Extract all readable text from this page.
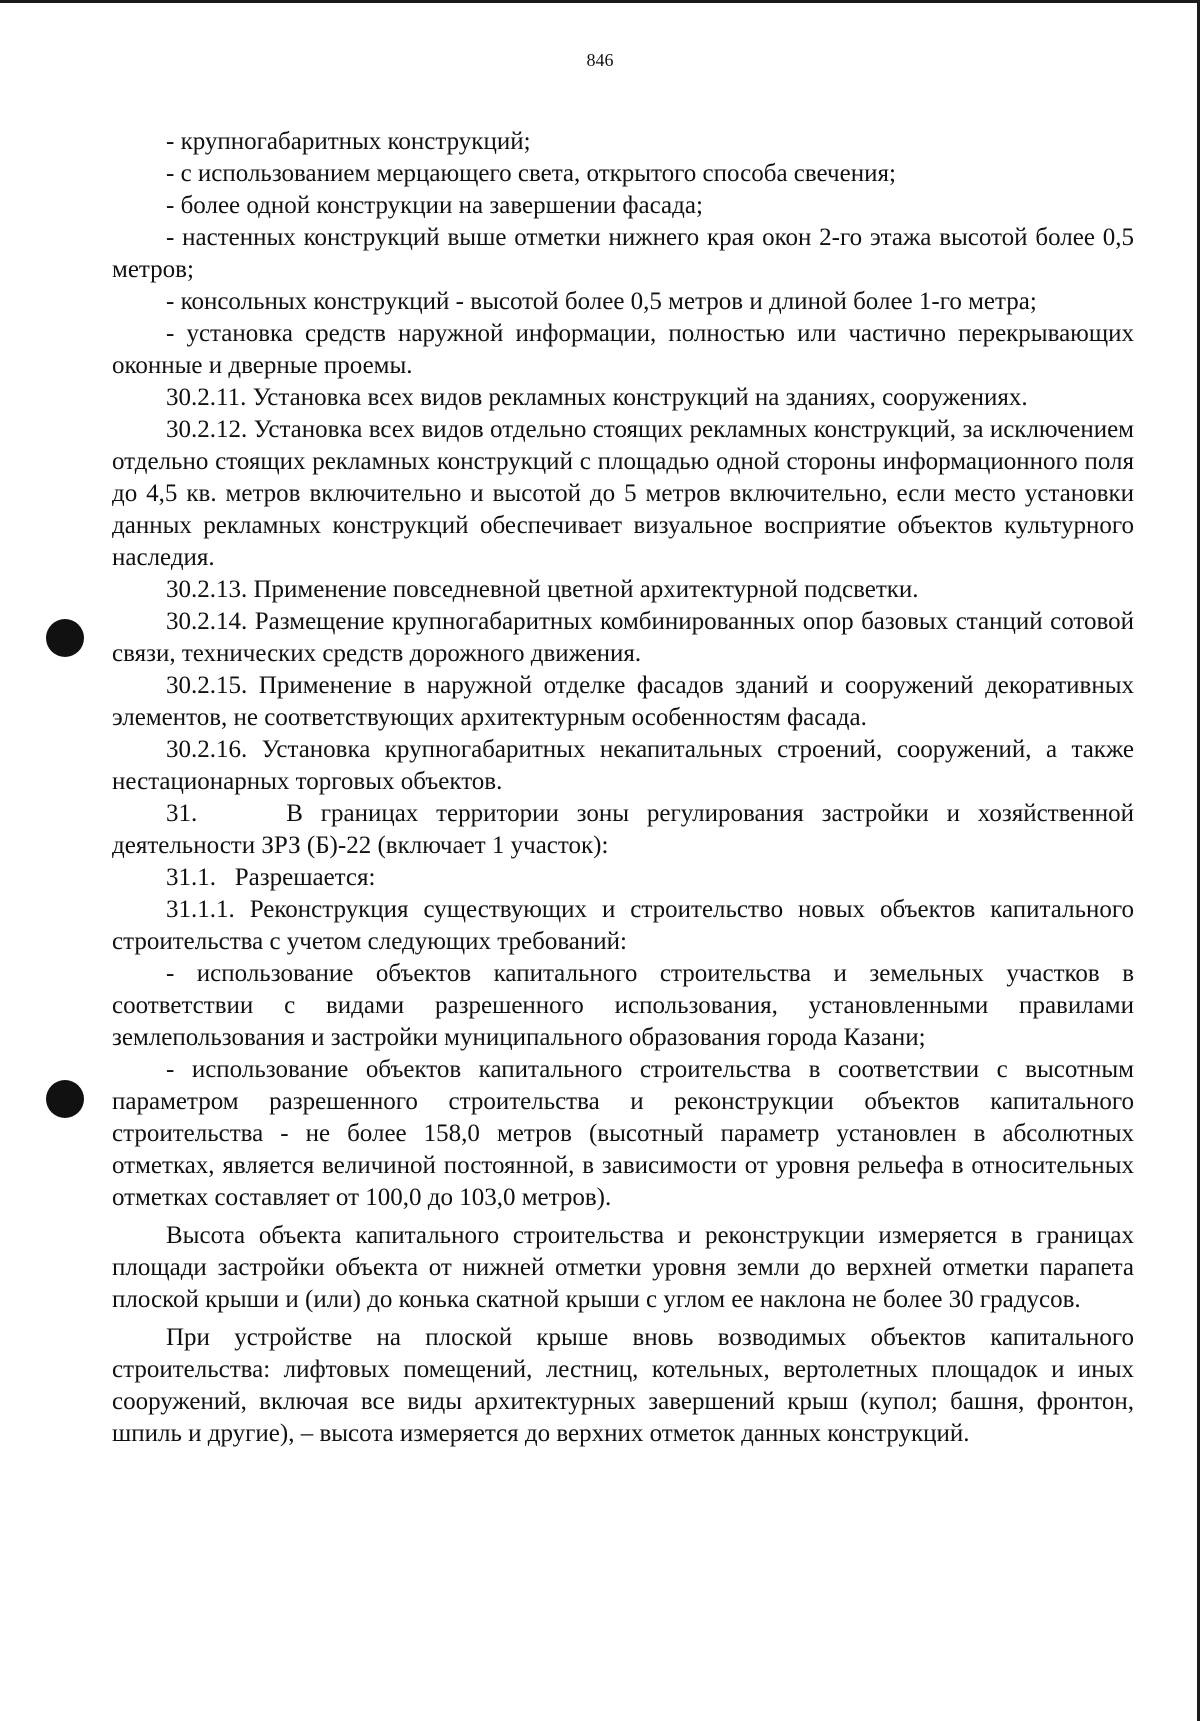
846

- крупногабаритных конструкций;

- с использованием мерцающего света, открытого способа свечения;

- более одной конструкции на завершении фасада;

- настенных конструкций выше отметки нижнего края окон 2-го этажа высотой более 0,5 метров;

- консольных конструкций - высотой более 0,5 метров и длиной более 1-го метра;

- установка средств наружной информации, полностью или частично перекрывающих оконные и дверные проемы.

30.2.11. Установка всех видов рекламных конструкций на зданиях, сооружениях.

30.2.12. Установка всех видов отдельно стоящих рекламных конструкций, за исключением отдельно стоящих рекламных конструкций с площадью одной стороны информационного поля до 4,5 кв. метров включительно и высотой до 5 метров включительно, если место установки данных рекламных конструкций обеспечивает визуальное восприятие объектов культурного наследия.

30.2.13. Применение повседневной цветной архитектурной подсветки.

30.2.14. Размещение крупногабаритных комбинированных опор базовых станций сотовой связи, технических средств дорожного движения.

30.2.15. Применение в наружной отделке фасадов зданий и сооружений декоративных элементов, не соответствующих архитектурным особенностям фасада.

30.2.16. Установка крупногабаритных некапитальных строений, сооружений, а также нестационарных торговых объектов.

31.     В границах территории зоны регулирования застройки и хозяйственной деятельности ЗРЗ (Б)-22 (включает 1 участок):

31.1.   Разрешается:

31.1.1. Реконструкция существующих и строительство новых объектов капитального строительства с учетом следующих требований:

- использование объектов капитального строительства и земельных участков в соответствии с видами разрешенного использования, установленными правилами землепользования и застройки муниципального образования города Казани;

- использование объектов капитального строительства в соответствии с высотным параметром разрешенного строительства и реконструкции объектов капитального строительства - не более 158,0 метров (высотный параметр установлен в абсолютных отметках, является величиной постоянной, в зависимости от уровня рельефа в относительных отметках составляет от 100,0 до 103,0 метров).

Высота объекта капитального строительства и реконструкции измеряется в границах площади застройки объекта от нижней отметки уровня земли до верхней отметки парапета плоской крыши и (или) до конька скатной крыши с углом ее наклона не более 30 градусов.

При устройстве на плоской крыше вновь возводимых объектов капитального строительства: лифтовых помещений, лестниц, котельных, вертолетных площадок и иных сооружений, включая все виды архитектурных завершений крыш (купол; башня, фронтон, шпиль и другие), – высота измеряется до верхних отметок данных конструкций.
